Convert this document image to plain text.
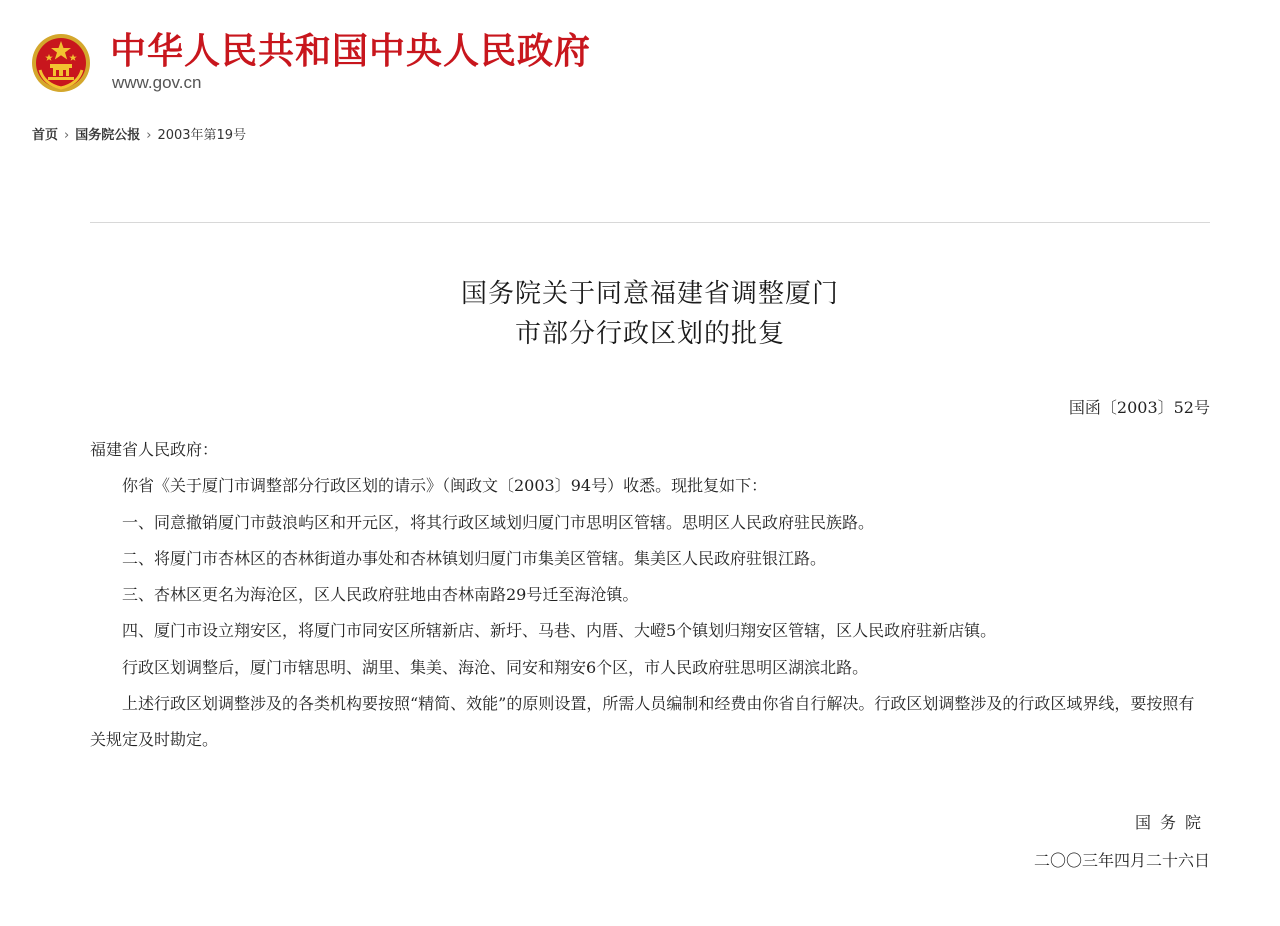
中华人民共和国中央人民政府
www.gov.cn
首页 › 国务院公报 › 2003年第19号
国务院关于同意福建省调整厦门
市部分行政区划的批复
国函〔2003〕52号

福建省人民政府：

你省《关于厦门市调整部分行政区划的请示》（闽政文〔2003〕94号）收悉。现批复如下：

一、同意撤销厦门市鼓浪屿区和开元区，将其行政区域划归厦门市思明区管辖。思明区人民政府驻民族路。

二、将厦门市杏林区的杏林街道办事处和杏林镇划归厦门市集美区管辖。集美区人民政府驻银江路。

三、杏林区更名为海沧区，区人民政府驻地由杏林南路29号迁至海沧镇。

四、厦门市设立翔安区，将厦门市同安区所辖新店、新圩、马巷、内厝、大嶝5个镇划归翔安区管辖，区人民政府驻新店镇。

行政区划调整后，厦门市辖思明、湖里、集美、海沧、同安和翔安6个区，市人民政府驻思明区湖滨北路。

上述行政区划调整涉及的各类机构要按照“精简、效能”的原则设置，所需人员编制和经费由你省自行解决。行政区划调整涉及的行政区域界线，要按照有关规定及时勘定。

国务院
二〇〇三年四月二十六日
